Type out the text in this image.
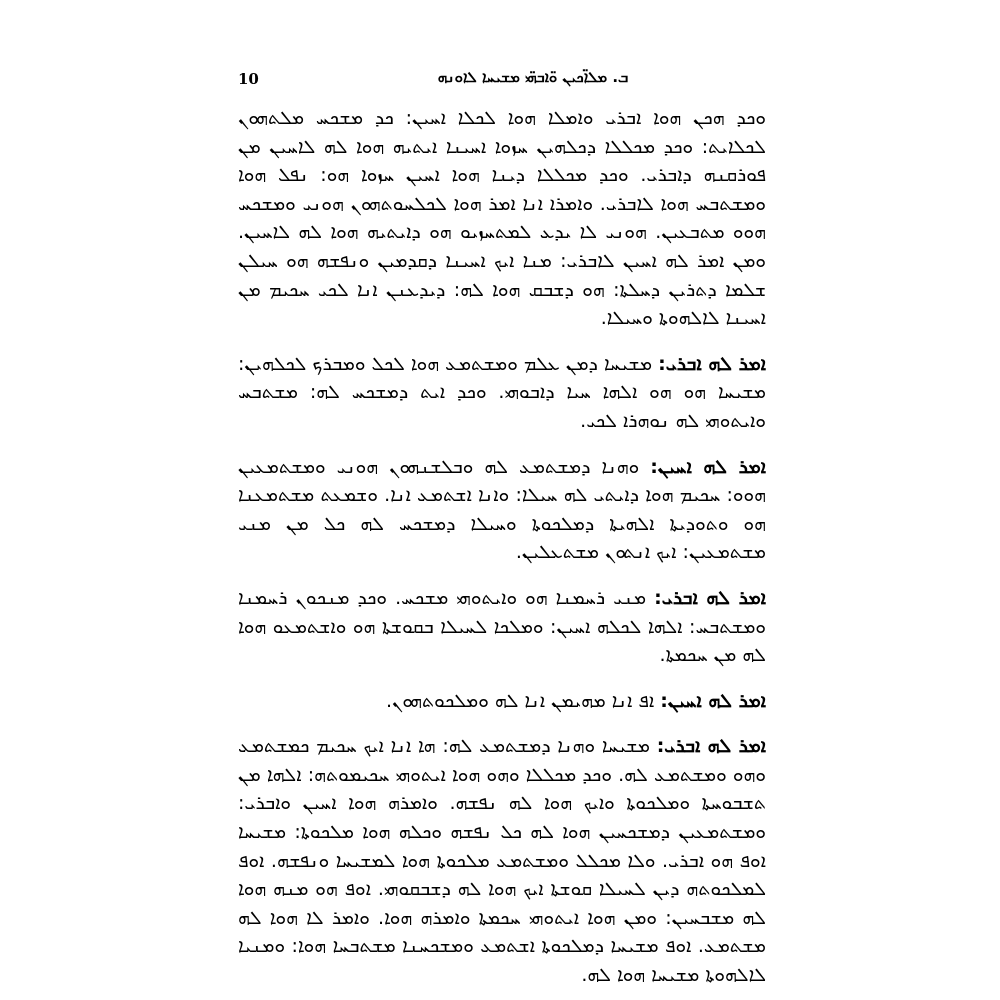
10	ܒ. ܡܠܐ̈ܟܝܢ ܘ̈ܐܒܗ̈ܝ ܡܫܝܚܐ ܠܐܘܢܗ

ܘܟܕ ܗܟܢ ܗܘܐ ܐܒܪܝ ܘܐܡܠܐ ܗܘܐ ܠܟܠܐ ܐܚܝܢ: ܟܕ ܡܫܟܚ ܡܠܬܗܘܢ ܠܟܠܐܝܬ: ܘܟܕ ܡܟܠܠܐ ܕܟܠܗܝܢ ܚܙܘܐ ܐܚܝܢܐ ܐܝܬܝܗ ܗܘܐ ܠܗ ܠܐܚܝܢ ܡܢ ܦܘܪܩܢܗ ܕܐܒܪܝ. ܘܟܕ ܡܟܠܠܐ ܕܝܢܐ ܗܘܐ ܐܚܝܢ ܚܙܘܐ ܗܘ: ܢܦܠ ܗܘܐ ܘܡܫܬܒܚ ܗܘܐ ܠܐܒܪܝ. ܘܐܡܪܐ ܐܢܐ ܐܡܪ ܗܘܐ ܠܟܠܚܘܬܗܘܢ ܗܘܢܝ ܘܡܫܟܚ ܗܘܘ ܡܬܒܥܝܢ. ܗܘܢܝ ܠܐ ܝܕܥ ܠܡܬܚܙܝܘ ܗܘ ܕܐܝܬܝܗ ܗܘܐ ܠܗ ܠܐܚܝܢ. ܘܡܢ ܐܡܪ ܠܗ ܐܚܝܢ ܠܐܒܪܝ: ܡܢܐ ܐܝܟ ܐܚܝܢܐ ܕܩܕܡܝܢ ܘܢܦܫܗ ܗܘ ܚܝܠܢ ܫܠܡܐ ܕܬܪܝܢ ܕܚܠܬܐ: ܗܘ ܕܫܒܩ ܗܘܐ ܠܗ: ܕܝܕܥܢܢ ܐܢܐ ܠܟܝ ܚܟܝܡ ܡܢ ܐܚܝܢܐ ܠܐܠܗܘܬܐ ܘܚܝܠܐ.

ܐܡܪ ܠܗ ܐܒܪܝ: ܡܫܝܚܐ ܕܡܢ ܥܠܡ ܘܡܫܬܡܥ ܗܘܐ ܠܟܠ ܘܡܒܪܟ ܠܟܠܗܝܢ: ܡܫܝܚܐ ܗܘ ܗܘ ܐܠܗܐ ܚܝܐ ܕܐܒܘܗܝ. ܘܟܕ ܐܝܬ ܕܡܫܟܚ ܠܗ: ܡܫܬܒܚ ܘܐܝܬܘܗܝ ܠܗ ܢܘܗܪܐ ܠܟܝ.

ܐܡܪ ܠܗ ܐܚܝܢ: ܘܗܢܐ ܕܡܫܬܡܥ ܠܗ ܘܒܠܫܢܗܘܢ ܗܘܢܝ ܘܡܫܬܡܥܝܢ ܗܘܘ: ܚܟܝܡ ܗܘܐ ܕܐܝܬܝ ܠܗ ܚܝܠܐ: ܘܐܢܐ ܐܫܬܡܥ ܐܢܐ. ܘܫܡܥܬ ܡܫܬܡܥܢܐ ܗܘ ܘܬܘܕܝܬܐ ܐܠܗܝܬܐ ܕܡܠܟܘܬܐ ܘܚܝܠܐ ܕܡܫܟܚ ܠܗ ܟܠ ܡܢ ܡܢܝ ܡܫܬܡܥܝܢ: ܐܝܟ ܐܢܬܘܢ ܡܫܬܥܠܝܢ.

ܐܡܪ ܠܗ ܐܒܪܝ: ܡܢܝ ܪܚܡܢܐ ܗܘ ܘܐܝܬܘܗܝ ܡܫܟܚ. ܘܟܕ ܡܢܟܘܢ ܪܚܡܢܐ ܘܡܫܬܒܚ: ܐܠܗܐ ܠܟܠܗ ܐܚܝܢ: ܘܡܠܟܐ ܠܚܝܠܐ ܒܩܘܫܬܐ ܗܘ ܘܐܫܬܡܥܘ ܗܘܐ ܠܗ ܡܢ ܚܟܡܬܐ.

ܐܡܪ ܠܗ ܐܚܝܢ: ܐܦ ܐܢܐ ܡܗܝܡܢ ܐܢܐ ܠܗ ܘܡܠܟܘܬܗܘܢ.

ܐܡܪ ܠܗ ܐܒܪܝ: ܡܫܝܚܐ ܘܗܢܐ ܕܡܫܬܡܥ ܠܗ: ܗܐ ܐܢܐ ܐܝܟ ܚܟܝܡ ܟܡܫܬܡܥ ܘܗܘ ܘܡܫܬܡܥ ܠܗ. ܘܟܕ ܡܟܠܠܐ ܘܗܘ ܗܘܐ ܐܝܬܘܗܝ ܚܟܝܡܘܬܗ: ܐܠܗܐ ܡܢ ܬܫܒܘܚܬܐ ܘܡܠܟܘܬܐ ܘܐܝܟ ܗܘܐ ܠܗ ܢܦܫܗ. ܘܐܡܪܗ ܗܘܐ ܐܚܝܢ ܘܐܒܪܝ: ܘܡܫܬܡܥܝܢ ܕܡܫܟܚܝܢ ܗܘܐ ܠܗ ܟܠ ܢܦܫܗ ܘܟܠܗ ܗܘܐ ܡܠܟܘܬܐ: ܡܫܝܚܐ ܐܘܦ ܗܘ ܐܒܪܝ. ܘܠܐ ܡܟܠܠ ܘܡܫܬܡܥ ܡܠܟܘܬܐ ܗܘܐ ܠܡܫܝܚܐ ܘܢܦܫܗ. ܐܘܦ ܠܡܠܟܘܬܗ ܕܝܢ ܠܚܝܠܐ ܩܘܫܬܐ ܐܝܟ ܗܘܐ ܠܗ ܕܫܒܩܘܗܝ. ܐܘܦ ܗܘ ܡܢܗ ܗܘܐ ܠܗ ܡܫܒܚܝܢ: ܘܡܢ ܗܘܐ ܐܝܬܘܗܝ ܚܟܡܬܐ ܘܐܡܪܗ ܗܘܐ. ܘܐܡܪ ܠܐ ܗܘܐ ܠܗ ܡܫܬܡܥ. ܐܘܦ ܡܫܝܚܐ ܕܡܠܟܘܬܐ ܐܫܬܡܥ ܘܡܫܟܚܢܐ ܡܫܬܒܚܐ ܗܘܐ: ܘܡܢܝܐ ܠܐܠܗܘܬܐ ܡܫܝܚܐ ܗܘܐ ܠܗ.
